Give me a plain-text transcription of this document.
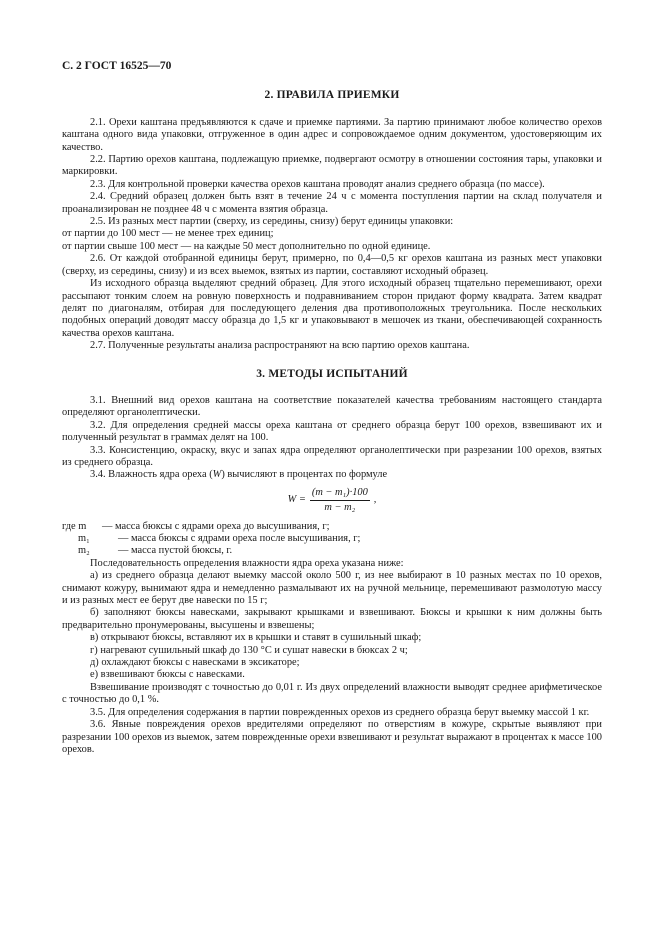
С. 2 ГОСТ 16525—70
2. ПРАВИЛА ПРИЕМКИ

2.1. Орехи каштана предъявляются к сдаче и приемке партиями. За партию принимают любое количество орехов каштана одного вида упаковки, отгруженное в один адрес и сопровождаемое одним документом, удостоверяющим их качество.

2.2. Партию орехов каштана, подлежащую приемке, подвергают осмотру в отношении состояния тары, упаковки и маркировки.

2.3. Для контрольной проверки качества орехов каштана проводят анализ среднего образца (по массе).

2.4. Средний образец должен быть взят в течение 24 ч с момента поступления партии на склад получателя и проанализирован не позднее 48 ч с момента взятия образца.

2.5. Из разных мест партии (сверху, из середины, снизу) берут единицы упаковки:

от партии до 100 мест — не менее трех единиц;

от партии свыше 100 мест — на каждые 50 мест дополнительно по одной единице.

2.6. От каждой отобранной единицы берут, примерно, по 0,4—0,5 кг орехов каштана из разных мест упаковки (сверху, из середины, снизу) и из всех выемок, взятых из партии, составляют исходный образец.

Из исходного образца выделяют средний образец. Для этого исходный образец тщательно перемешивают, орехи рассыпают тонким слоем на ровную поверхность и подравниванием сторон придают форму квадрата. Затем квадрат делят по диагоналям, отбирая для последующего деления два противоположных треугольника. После нескольких подобных операций доводят массу образца до 1,5 кг и упаковывают в мешочек из ткани, обеспечивающей сохранность качества орехов каштана.

2.7. Полученные результаты анализа распространяют на всю партию орехов каштана.

3. МЕТОДЫ ИСПЫТАНИЙ

3.1. Внешний вид орехов каштана на соответствие показателей качества требованиям настоящего стандарта определяют органолептически.

3.2. Для определения средней массы ореха каштана от среднего образца берут 100 орехов, взвешивают их и полученный результат в граммах делят на 100.

3.3. Консистенцию, окраску, вкус и запах ядра определяют органолептически при разрезании 100 орехов, взятых из среднего образца.

3.4. Влажность ядра ореха (W) вычисляют в процентах по формуле

$W = \frac{\text{(m − m₁)·100}}{\text{m − m₂}}$ ,
где m	— масса бюксы с ядрами ореха до высушивания, г;
m₁	— масса бюксы с ядрами ореха после высушивания, г;
m₂	— масса пустой бюксы, г.

Последовательность определения влажности ядра ореха указана ниже:

а) из среднего образца делают выемку массой около 500 г, из нее выбирают в 10 разных местах по 10 орехов, снимают кожуру, вынимают ядра и немедленно размалывают их на ручной мельнице, перемешивают размолотую массу и из разных мест ее берут две навески по 15 г;

б) заполняют бюксы навесками, закрывают крышками и взвешивают. Бюксы и крышки к ним должны быть предварительно пронумерованы, высушены и взвешены;

в) открывают бюксы, вставляют их в крышки и ставят в сушильный шкаф;

г) нагревают сушильный шкаф до 130 °С и сушат навески в бюксах 2 ч;

д) охлаждают бюксы с навесками в эксикаторе;

е) взвешивают бюксы с навесками.

Взвешивание производят с точностью до 0,01 г. Из двух определений влажности выводят среднее арифметическое с точностью до 0,1 %.

3.5. Для определения содержания в партии поврежденных орехов из среднего образца берут выемку массой 1 кг.

3.6. Явные повреждения орехов вредителями определяют по отверстиям в кожуре, скрытые выявляют при разрезании 100 орехов из выемок, затем поврежденные орехи взвешивают и результат выражают в процентах к массе 100 орехов.
